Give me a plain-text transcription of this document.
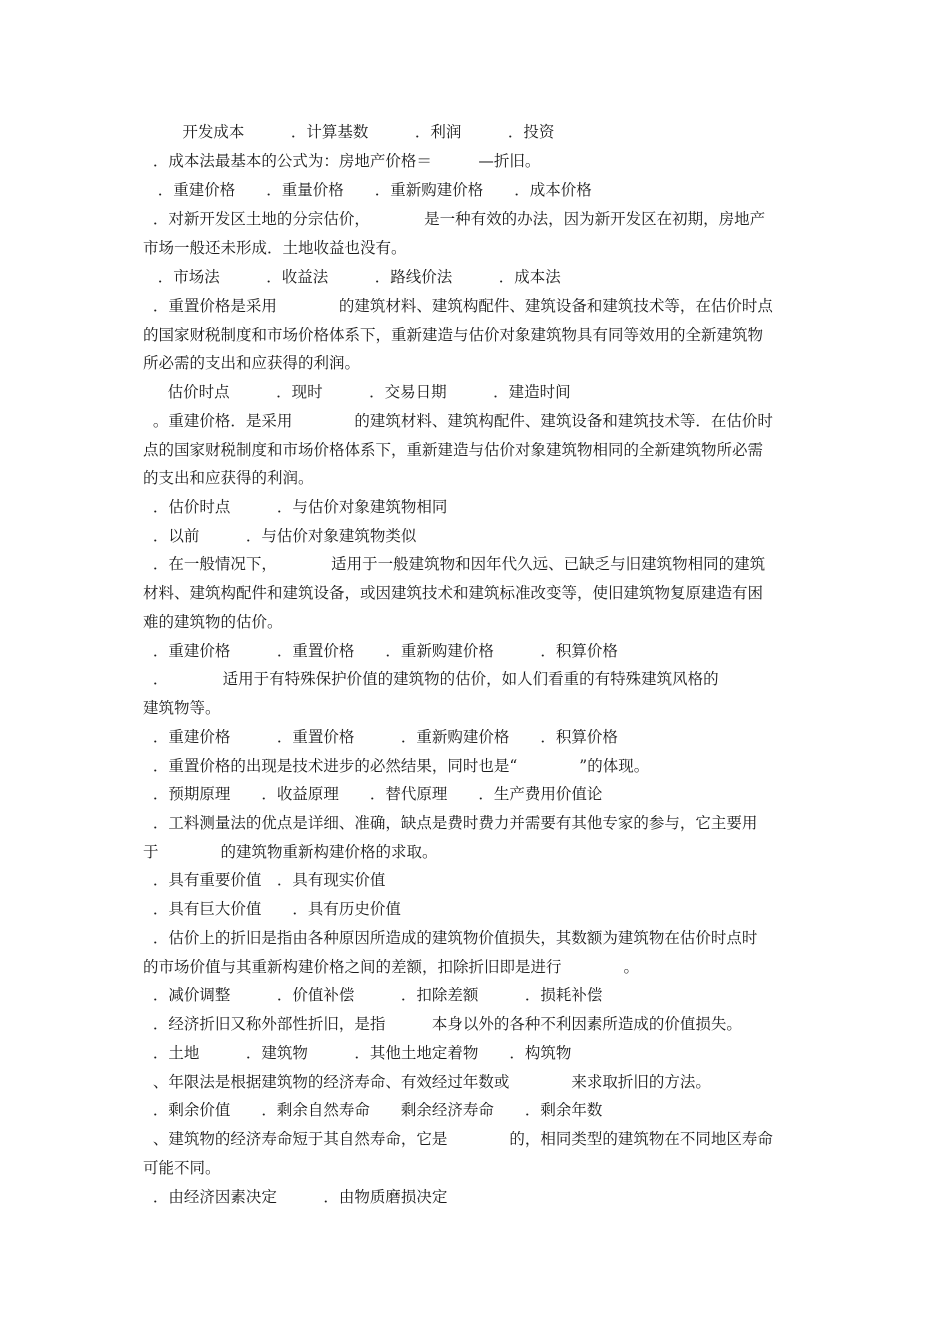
开发成本　　　．计算基数　　　．利润　　　．投资

．成本法最基本的公式为：房地产价格＝　　　—折旧。

．重建价格　　．重量价格　　．重新购建价格　　．成本价格

．对新开发区土地的分宗估价，　　　　是一种有效的办法，因为新开发区在初期，房地产

市场一般还未形成．土地收益也没有。

．市场法　　　．收益法　　　．路线价法　　　．成本法

．重置价格是采用　　　　的建筑材料、建筑构配件、建筑设备和建筑技术等，在估价时点

的国家财税制度和市场价格体系下，重新建造与估价对象建筑物具有同等效用的全新建筑物

所必需的支出和应获得的利润。

估价时点　　　．现时　　　．交易日期　　　．建造时间

。重建价格．是采用　　　　的建筑材料、建筑构配件、建筑设备和建筑技术等．在估价时

点的国家财税制度和市场价格体系下，重新建造与估价对象建筑物相同的全新建筑物所必需

的支出和应获得的利润。

．估价时点　　　．与估价对象建筑物相同

．以前　　　．与估价对象建筑物类似

．在一般情况下，　　　　适用于一般建筑物和因年代久远、已缺乏与旧建筑物相同的建筑

材料、建筑构配件和建筑设备，或因建筑技术和建筑标准改变等，使旧建筑物复原建造有困

难的建筑物的估价。

．重建价格　　　．重置价格　　．重新购建价格　　　．积算价格

．　　　　适用于有特殊保护价值的建筑物的估价，如人们看重的有特殊建筑风格的

建筑物等。

．重建价格　　　．重置价格　　　．重新购建价格　　．积算价格

．重置价格的出现是技术进步的必然结果，同时也是“　　　　”的体现。

．预期原理　　．收益原理　　．替代原理　　．生产费用价值论

．工料测量法的优点是详细、准确，缺点是费时费力并需要有其他专家的参与，它主要用

于　　　　的建筑物重新构建价格的求取。

．具有重要价值　．具有现实价值

．具有巨大价值　　．具有历史价值

．估价上的折旧是指由各种原因所造成的建筑物价值损失，其数额为建筑物在估价时点时

的市场价值与其重新构建价格之间的差额，扣除折旧即是进行　　　　。

．减价调整　　　．价值补偿　　　．扣除差额　　　．损耗补偿

．经济折旧又称外部性折旧，是指　　　本身以外的各种不利因素所造成的价值损失。

．土地　　　．建筑物　　　．其他土地定着物　　．构筑物

、年限法是根据建筑物的经济寿命、有效经过年数或　　　　来求取折旧的方法。

．剩余价值　　．剩余自然寿命　　剩余经济寿命　　．剩余年数

、建筑物的经济寿命短于其自然寿命，它是　　　　的，相同类型的建筑物在不同地区寿命

可能不同。

．由经济因素决定　　　．由物质磨损决定
